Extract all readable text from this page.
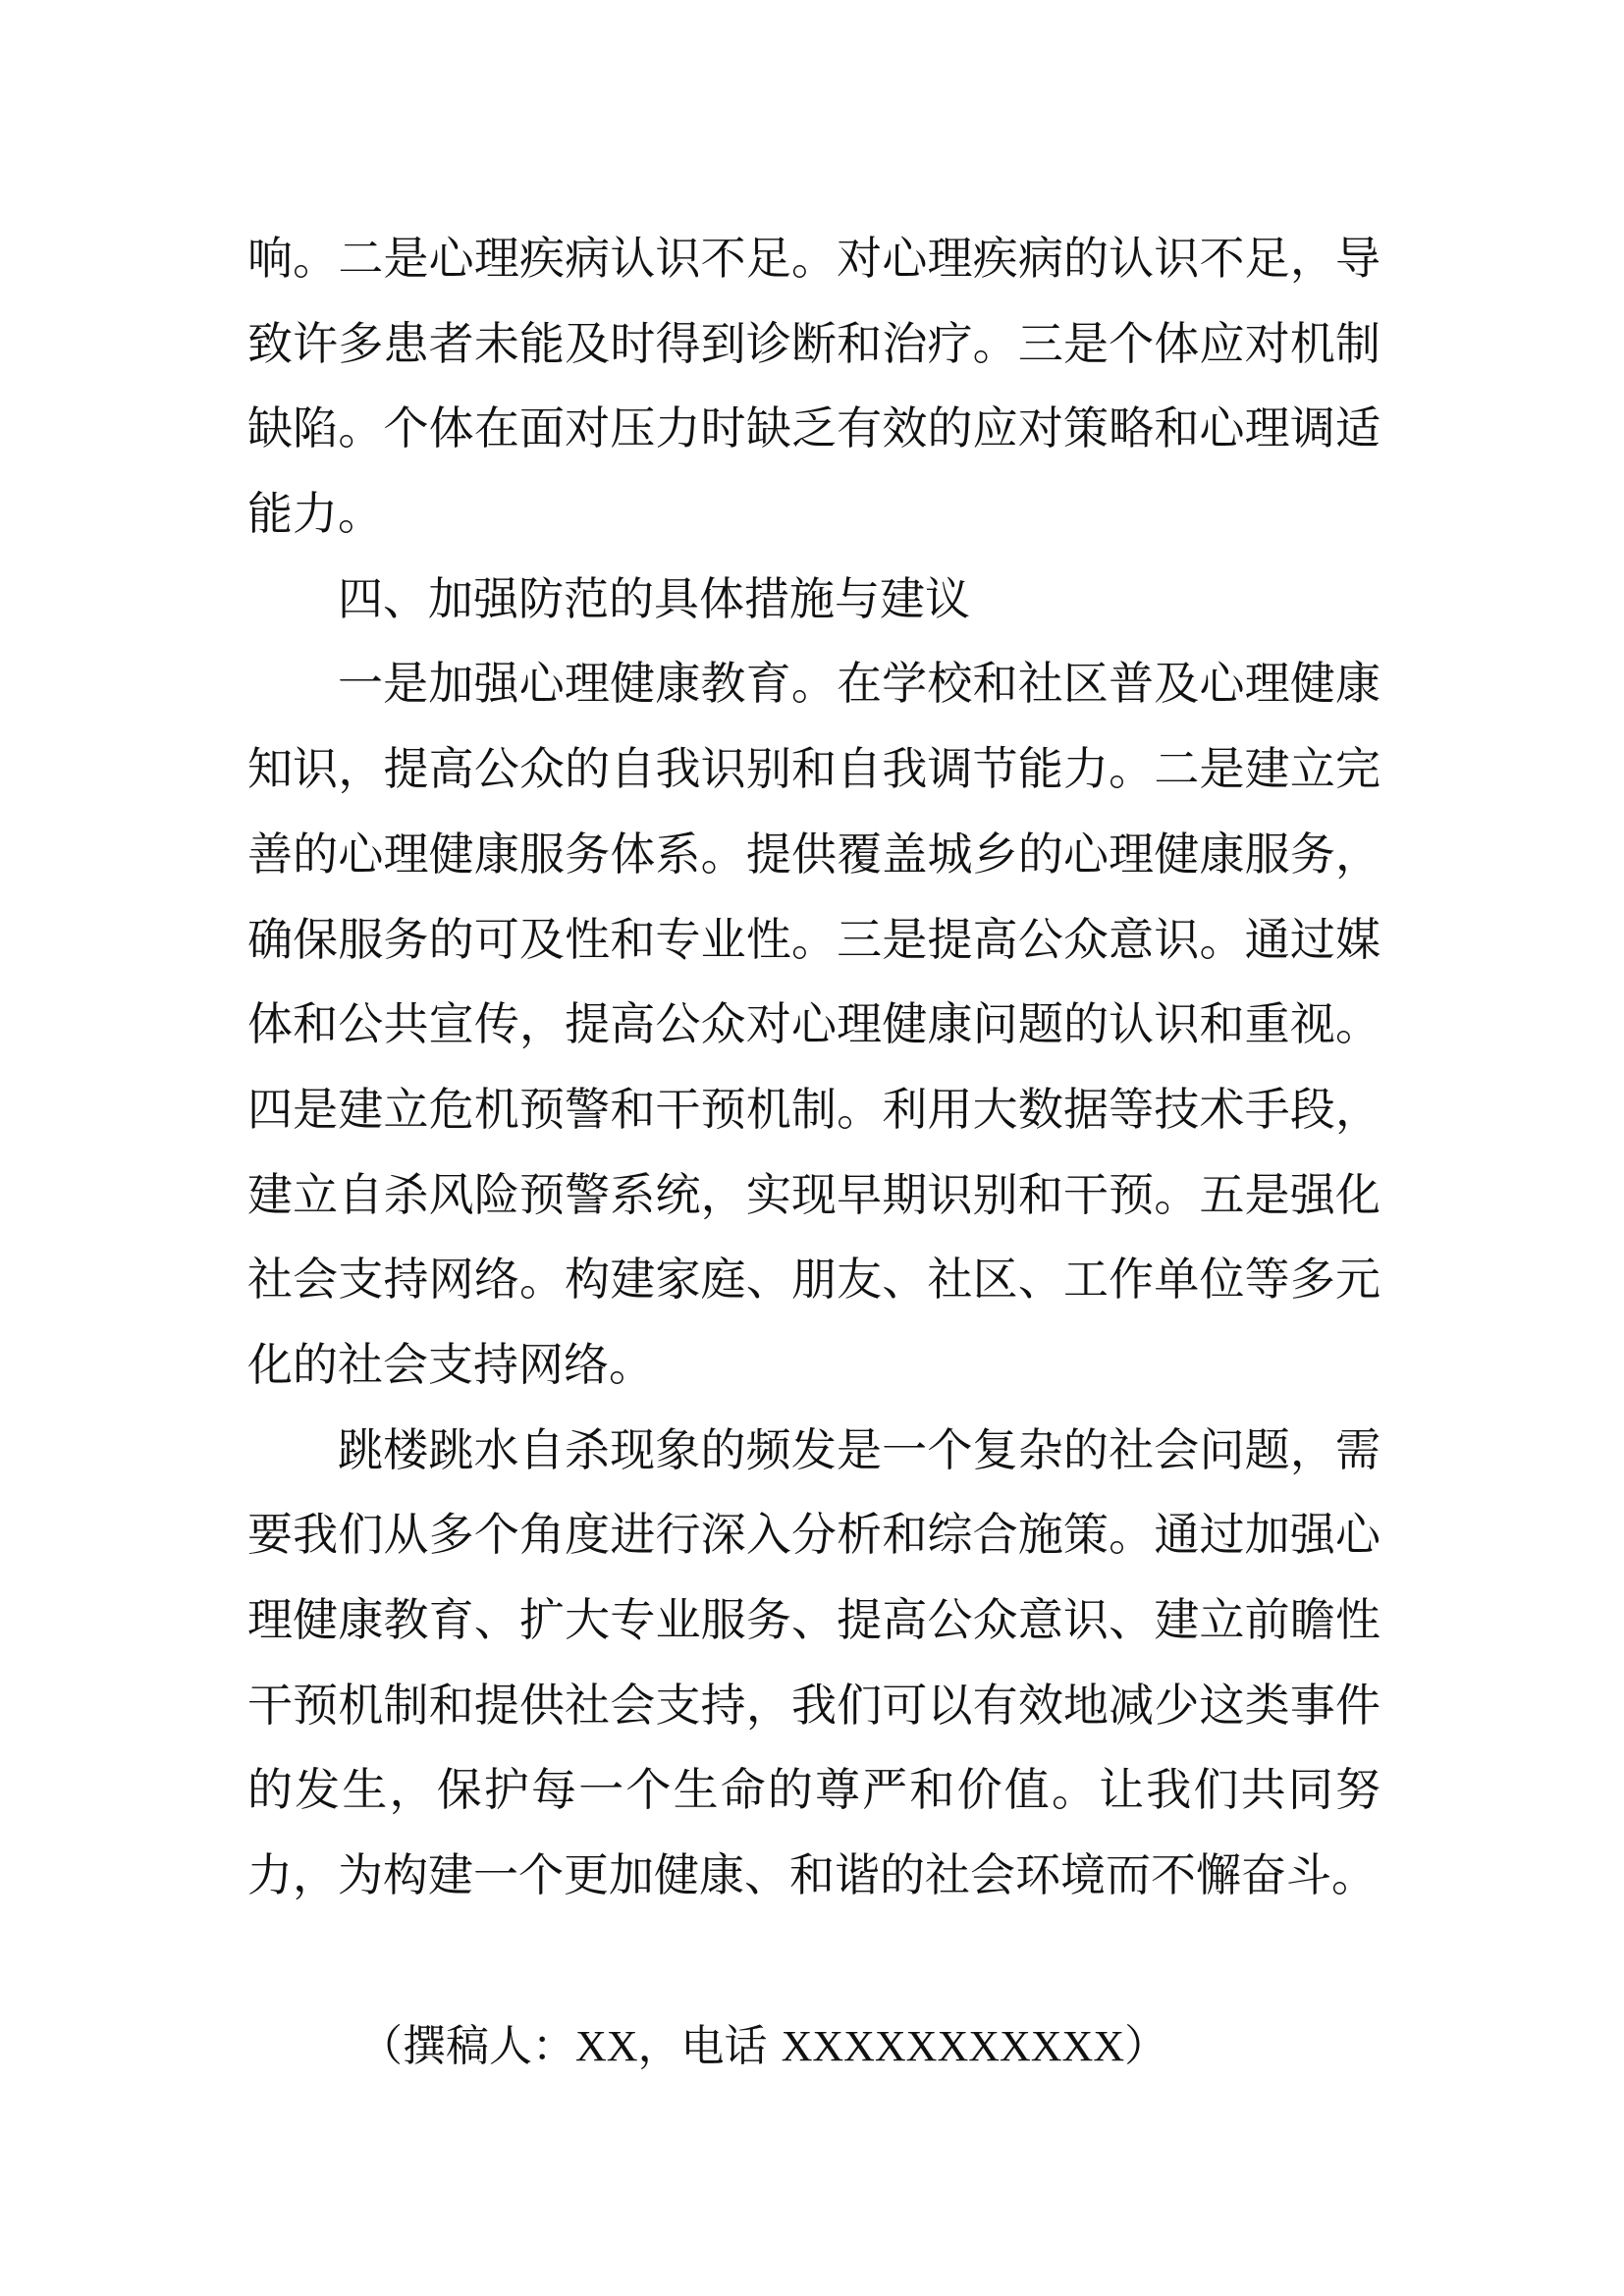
响。二是心理疾病认识不足。对心理疾病的认识不足，导
致许多患者未能及时得到诊断和治疗。三是个体应对机制
缺陷。个体在面对压力时缺乏有效的应对策略和心理调适
能力。
四、加强防范的具体措施与建议
一是加强心理健康教育。在学校和社区普及心理健康
知识，提高公众的自我识别和自我调节能力。二是建立完
善的心理健康服务体系。提供覆盖城乡的心理健康服务，
确保服务的可及性和专业性。三是提高公众意识。通过媒
体和公共宣传，提高公众对心理健康问题的认识和重视。
四是建立危机预警和干预机制。利用大数据等技术手段，
建立自杀风险预警系统，实现早期识别和干预。五是强化
社会支持网络。构建家庭、朋友、社区、工作单位等多元
化的社会支持网络。
跳楼跳水自杀现象的频发是一个复杂的社会问题，需
要我们从多个角度进行深入分析和综合施策。通过加强心
理健康教育、扩大专业服务、提高公众意识、建立前瞻性
干预机制和提供社会支持，我们可以有效地减少这类事件
的发生，保护每一个生命的尊严和价值。让我们共同努
力，为构建一个更加健康、和谐的社会环境而不懈奋斗。
（撰稿人：XX，电话 XXXXXXXXXXX）
